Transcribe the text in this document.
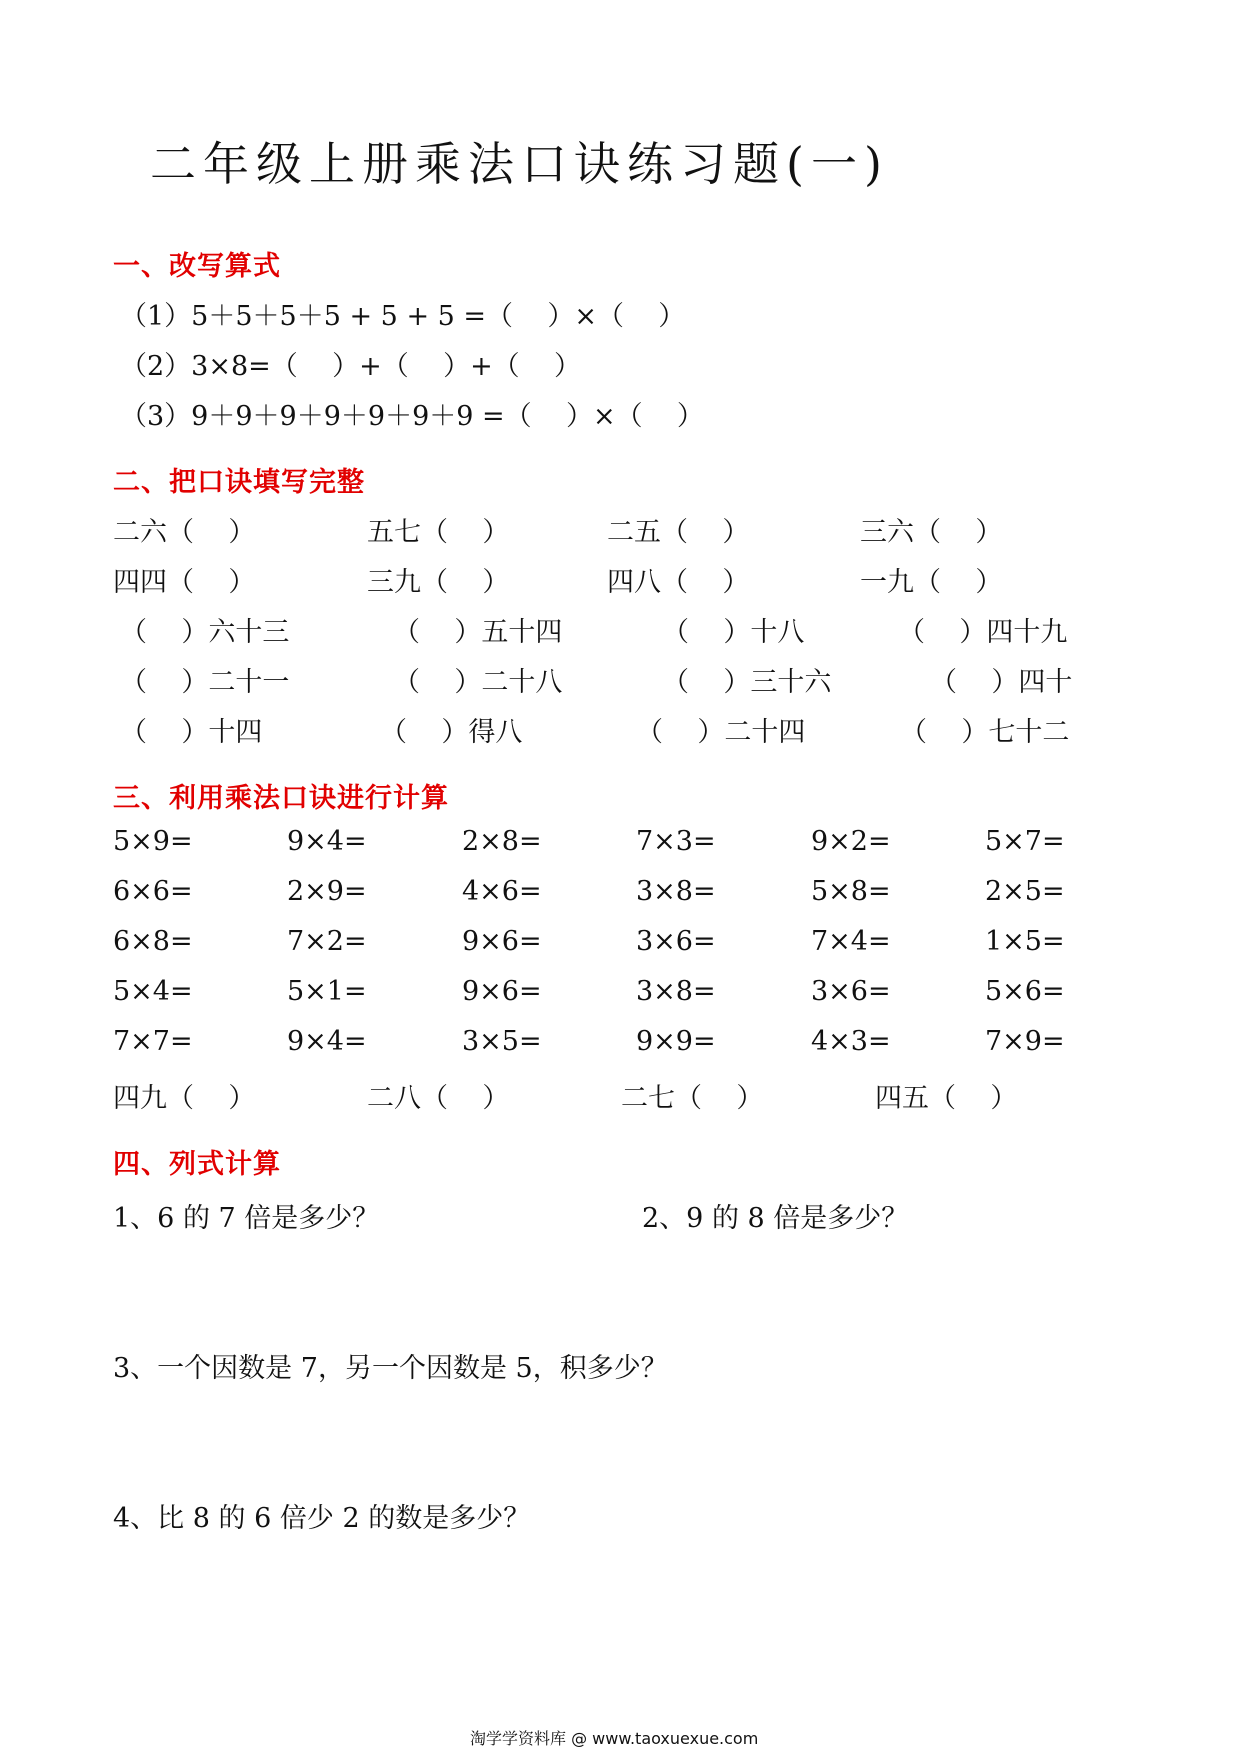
二年级上册乘法口诀练习题(一)
一、改写算式
（1）5＋5＋5＋5 + 5 + 5 =（    ）×（    ）
（2）3×8=（    ）+（    ）+（    ）
（3）9＋9＋9＋9＋9＋9＋9 =（    ）×（    ）
二、把口诀填写完整
二六（    ）	五七（    ）	二五（    ）	三六（    ）
四四（    ）	三九（    ）	四八（    ）	一九（    ）
（    ）六十三	（    ）五十四	（    ）十八	（    ）四十九
（    ）二十一	（    ）二十八	（    ）三十六	（    ）四十
（    ）十四	（    ）得八	（    ）二十四	（    ）七十二
三、利用乘法口诀进行计算
5×9=	9×4=	2×8=	7×3=	9×2=	5×7=
6×6=	2×9=	4×6=	3×8=	5×8=	2×5=
6×8=	7×2=	9×6=	3×6=	7×4=	1×5=
5×4=	5×1=	9×6=	3×8=	3×6=	5×6=
7×7=	9×4=	3×5=	9×9=	4×3=	7×9=
四九（    ）	二八（    ）	二七（    ）	四五（    ）
四、列式计算
1、6 的 7 倍是多少？	2、9 的 8 倍是多少？
3、一个因数是 7，另一个因数是 5，积多少？
4、比 8 的 6 倍少 2 的数是多少？
淘学学资料库 @ www.taoxuexue.com
